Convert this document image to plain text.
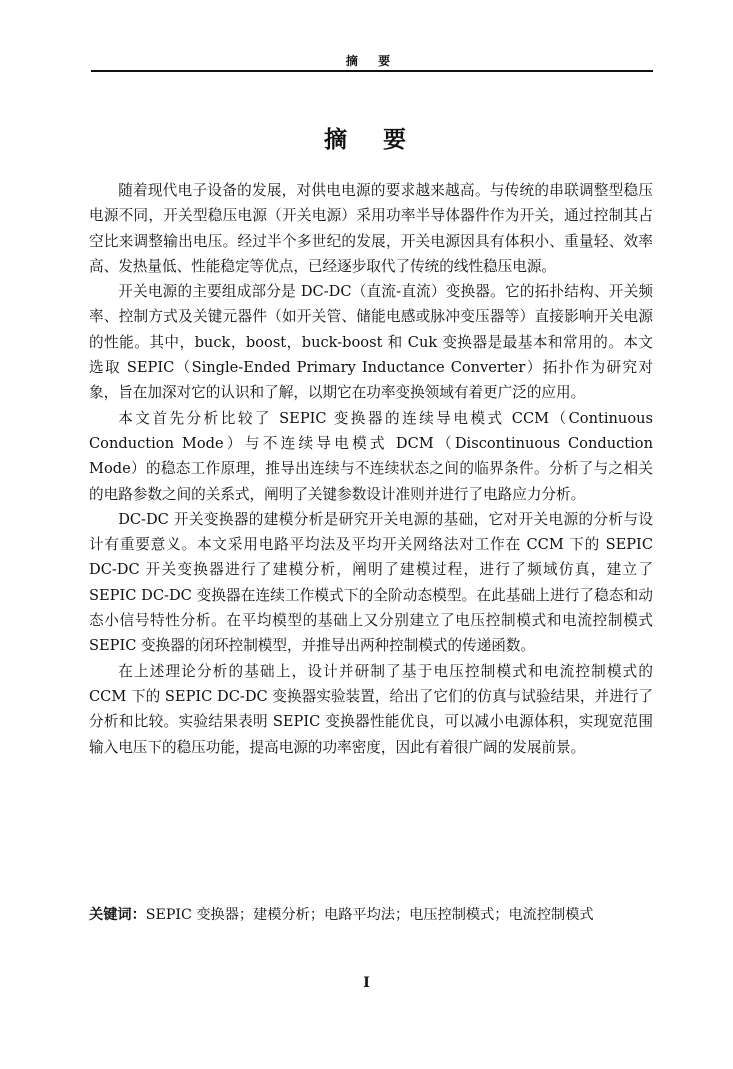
摘 要
摘 要

随着现代电子设备的发展，对供电电源的要求越来越高。与传统的串联调整型稳压电源不同，开关型稳压电源（开关电源）采用功率半导体器件作为开关，通过控制其占空比来调整输出电压。经过半个多世纪的发展，开关电源因具有体积小、重量轻、效率高、发热量低、性能稳定等优点，已经逐步取代了传统的线性稳压电源。

开关电源的主要组成部分是 DC-DC（直流-直流）变换器。它的拓扑结构、开关频率、控制方式及关键元器件（如开关管、储能电感或脉冲变压器等）直接影响开关电源的性能。其中，buck，boost，buck-boost 和 Cuk 变换器是最基本和常用的。本文选取 SEPIC（Single-Ended Primary Inductance Converter）拓扑作为研究对象，旨在加深对它的认识和了解，以期它在功率变换领域有着更广泛的应用。

本文首先分析比较了 SEPIC 变换器的连续导电模式 CCM（Continuous Conduction Mode）与不连续导电模式 DCM（Discontinuous Conduction Mode）的稳态工作原理，推导出连续与不连续状态之间的临界条件。分析了与之相关的电路参数之间的关系式，阐明了关键参数设计准则并进行了电路应力分析。

DC-DC 开关变换器的建模分析是研究开关电源的基础，它对开关电源的分析与设计有重要意义。本文采用电路平均法及平均开关网络法对工作在 CCM 下的 SEPIC DC-DC 开关变换器进行了建模分析，阐明了建模过程，进行了频域仿真，建立了 SEPIC DC-DC 变换器在连续工作模式下的全阶动态模型。在此基础上进行了稳态和动态小信号特性分析。在平均模型的基础上又分别建立了电压控制模式和电流控制模式 SEPIC 变换器的闭环控制模型，并推导出两种控制模式的传递函数。

在上述理论分析的基础上，设计并研制了基于电压控制模式和电流控制模式的 CCM 下的 SEPIC DC-DC 变换器实验装置，给出了它们的仿真与试验结果，并进行了分析和比较。实验结果表明 SEPIC 变换器性能优良，可以减小电源体积，实现宽范围输入电压下的稳压功能，提高电源的功率密度，因此有着很广阔的发展前景。

关键词：SEPIC 变换器；建模分析；电路平均法；电压控制模式；电流控制模式
I
